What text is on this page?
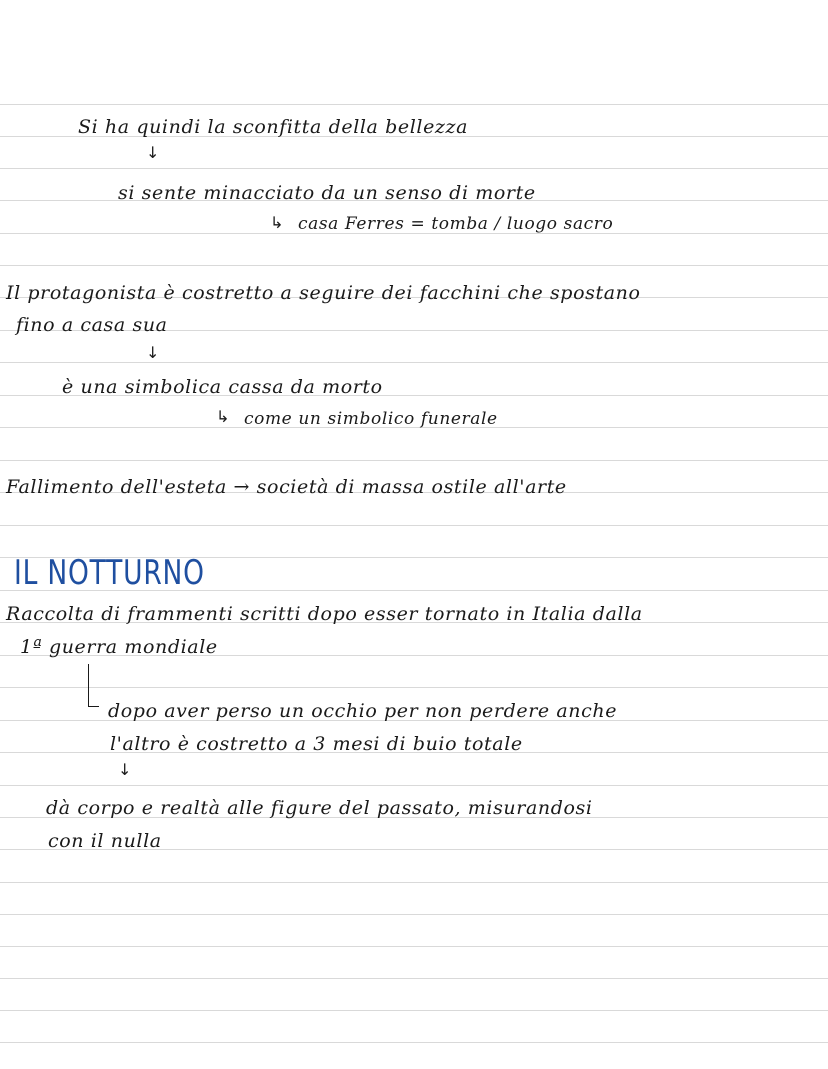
Si ha quindi la sconfitta della bellezza
↓
si sente minacciato da un senso di morte
↳ casa Ferres = tomba / luogo sacro
Il protagonista è costretto a seguire dei facchini che spostano
fino a casa sua
↓
è una simbolica cassa da morto
↳ come un simbolico funerale
Fallimento dell'esteta → società di massa ostile all'arte
IL NOTTURNO
Raccolta di frammenti scritti dopo esser tornato in Italia dalla
1ª guerra mondiale
dopo aver perso un occhio per non perdere anche
l'altro è costretto a 3 mesi di buio totale
↓
dà corpo e realtà alle figure del passato, misurandosi
con il nulla
